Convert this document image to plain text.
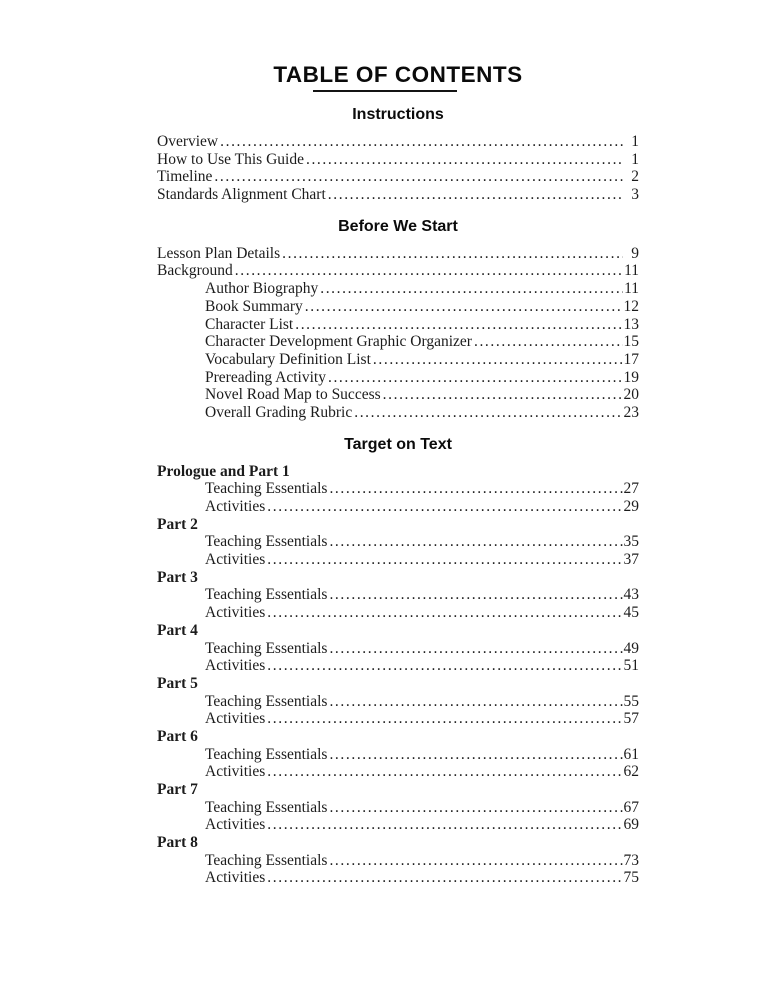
TABLE OF CONTENTS
Instructions
Overview .....	1
How to Use This Guide .....	1
Timeline .....	2
Standards Alignment Chart .....	3
Before We Start
Lesson Plan Details .....	9
Background .....	11
Author Biography .....	11
Book Summary .....	12
Character List .....	13
Character Development Graphic Organizer .....	15
Vocabulary Definition List .....	17
Prereading Activity .....	19
Novel Road Map to Success .....	20
Overall Grading Rubric .....	23
Target on Text
Prologue and Part 1
Teaching Essentials .....	27
Activities .....	29
Part 2
Teaching Essentials .....	35
Activities .....	37
Part 3
Teaching Essentials .....	43
Activities .....	45
Part 4
Teaching Essentials .....	49
Activities .....	51
Part 5
Teaching Essentials .....	55
Activities .....	57
Part 6
Teaching Essentials .....	61
Activities .....	62
Part 7
Teaching Essentials .....	67
Activities .....	69
Part 8
Teaching Essentials .....	73
Activities .....	75
